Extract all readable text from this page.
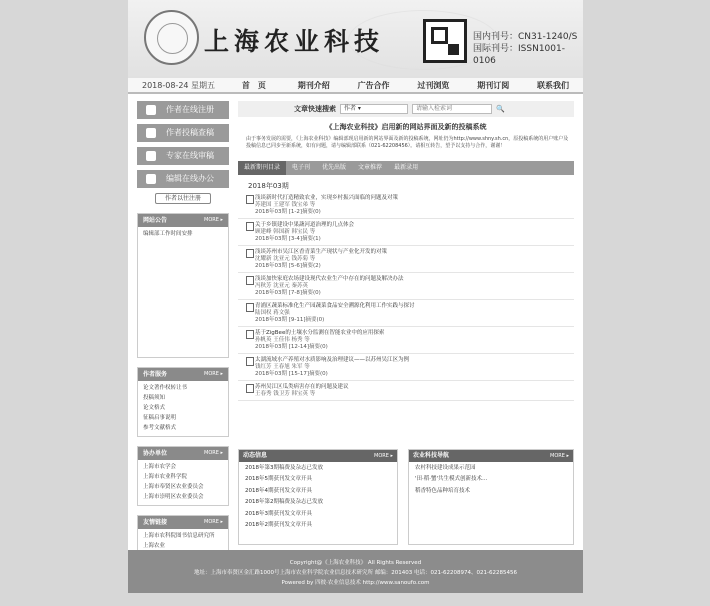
上海农业科技	国内刊号：CN31-1240/S
国际刊号：ISSN1001-0106
2018-08-24 星期五	首　页	期刊介绍	广告合作	过刊浏览	期刊订阅	联系我们
作者在线注册
作者投稿查稿
专家在线审稿
编辑在线办公
作者以往注册
网站公告	MORE ▸
编辑部工作时间安排
作者服务	MORE ▸
论文著作权转让书
投稿须知
论文格式
征稿启事说明
参考文献格式
协办单位	MORE ▸
上海市农学会
上海市农业科学院
上海市奉贤区农业委员会
上海市崇明区农业委员会
友情链接	MORE ▸
上海市农科院图书信息研究所
上海农业
文章快速搜索	作者 ▾	请输入检索词	🔍
《上海农业科技》启用新的网站界面及新的投稿系统
由于事务发展的需要，《上海农业科技》编辑部现启用新的网站界面及新的投稿系统，网址仍为http://www.shny.sh.cn，原投稿系统的用户账户及投稿信息已同步至新系统，如有问题，请与编辑部联系（021-62208456）。请相互转告，望予以支持与合作，谢谢！
最新期刊目录	电子刊	优先出版	文章推荐	最新录用
2018年03期
浅谈新时代打造精致农业，实现乡村振兴面临的问题及对策
苏建国 王建军 钱宝弟 等
2018年03期 [1-2]摘要(0)
关于乡镇建设中果蔬河道治理的几点体会
顾建峰 韩国新 韩宝民 等
2018年03期 [3-4]摘要(1)
浅谈苏州市吴江区香青菜生产现状与产业化开发的对策
沈耀新 沈亚元 钱苏菊 等
2018年03期 [5-6]摘要(2)
浅谈加快家庭农场建设现代农业生产中存在的问题及解决办法
冯秋芳 沈亚元 秦苏英
2018年03期 [7-8]摘要(0)
青浦区蔬菜标准化生产园蔬菜食品安全溯源化利用工作实践与探讨
陆国权 蒋文强
2018年03期 [9-11]摘要(0)
基于ZigBee的土壤水分监测在智能农业中的应用探索
孙帆英 王佳伟 杨秀 等
2018年03期 [12-14]摘要(0)
太湖流域水产养殖对水质影响及治理建议——以苏州吴江区为例
钱红芳 王春旭 朱军 等
2018年03期 [15-17]摘要(0)
苏州吴江区瓜类病害存在的问题及建议
王春秀 钱卫芳 韩宝英 等
动态信息	MORE ▸
2018年第3期稿费及杂志已发放
2018年5期获刊发文章开具
2018年4期获刊发文章开具
2018年第2期稿费及杂志已发放
2018年3期获刊发文章开具
2018年2期获刊发文章开具
农业科技导航	MORE ▸
农村科技建设成果示范园
'田·稻·蟹'共生模式创新技术…
稻香特色品种培育技术
Copyright@《上海农业科技》 All Rights Reserved
地址：上海市奉贤区金汇路1000号上海市农业科学院农业信息技术研究所 邮编：201403 电话：021-62208974、021-62285456
Powered by 四彼·农业信息技术 http://www.sanoufo.com
